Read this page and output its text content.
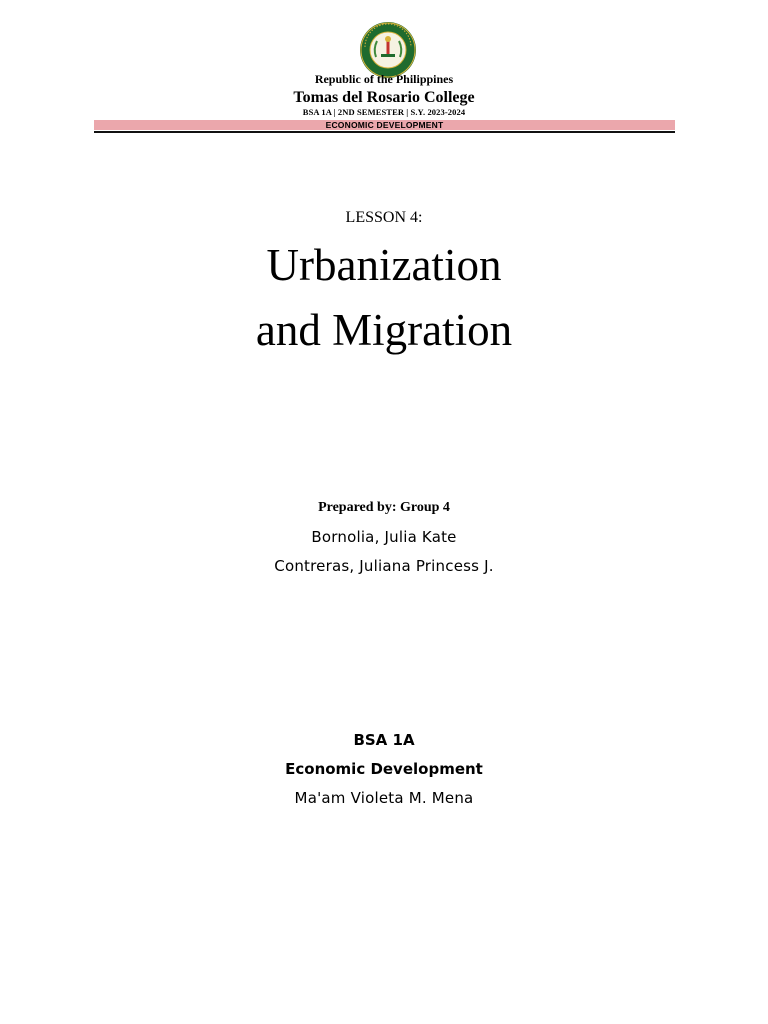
Republic of the Philippines
Tomas del Rosario College
BSA 1A | 2ND SEMESTER | S.Y. 2023-2024
ECONOMIC DEVELOPMENT
LESSON 4:
Urbanization
and Migration
Prepared by: Group 4
Bornolia, Julia Kate
Contreras, Juliana Princess J.
BSA 1A
Economic Development
Ma'am Violeta M. Mena
